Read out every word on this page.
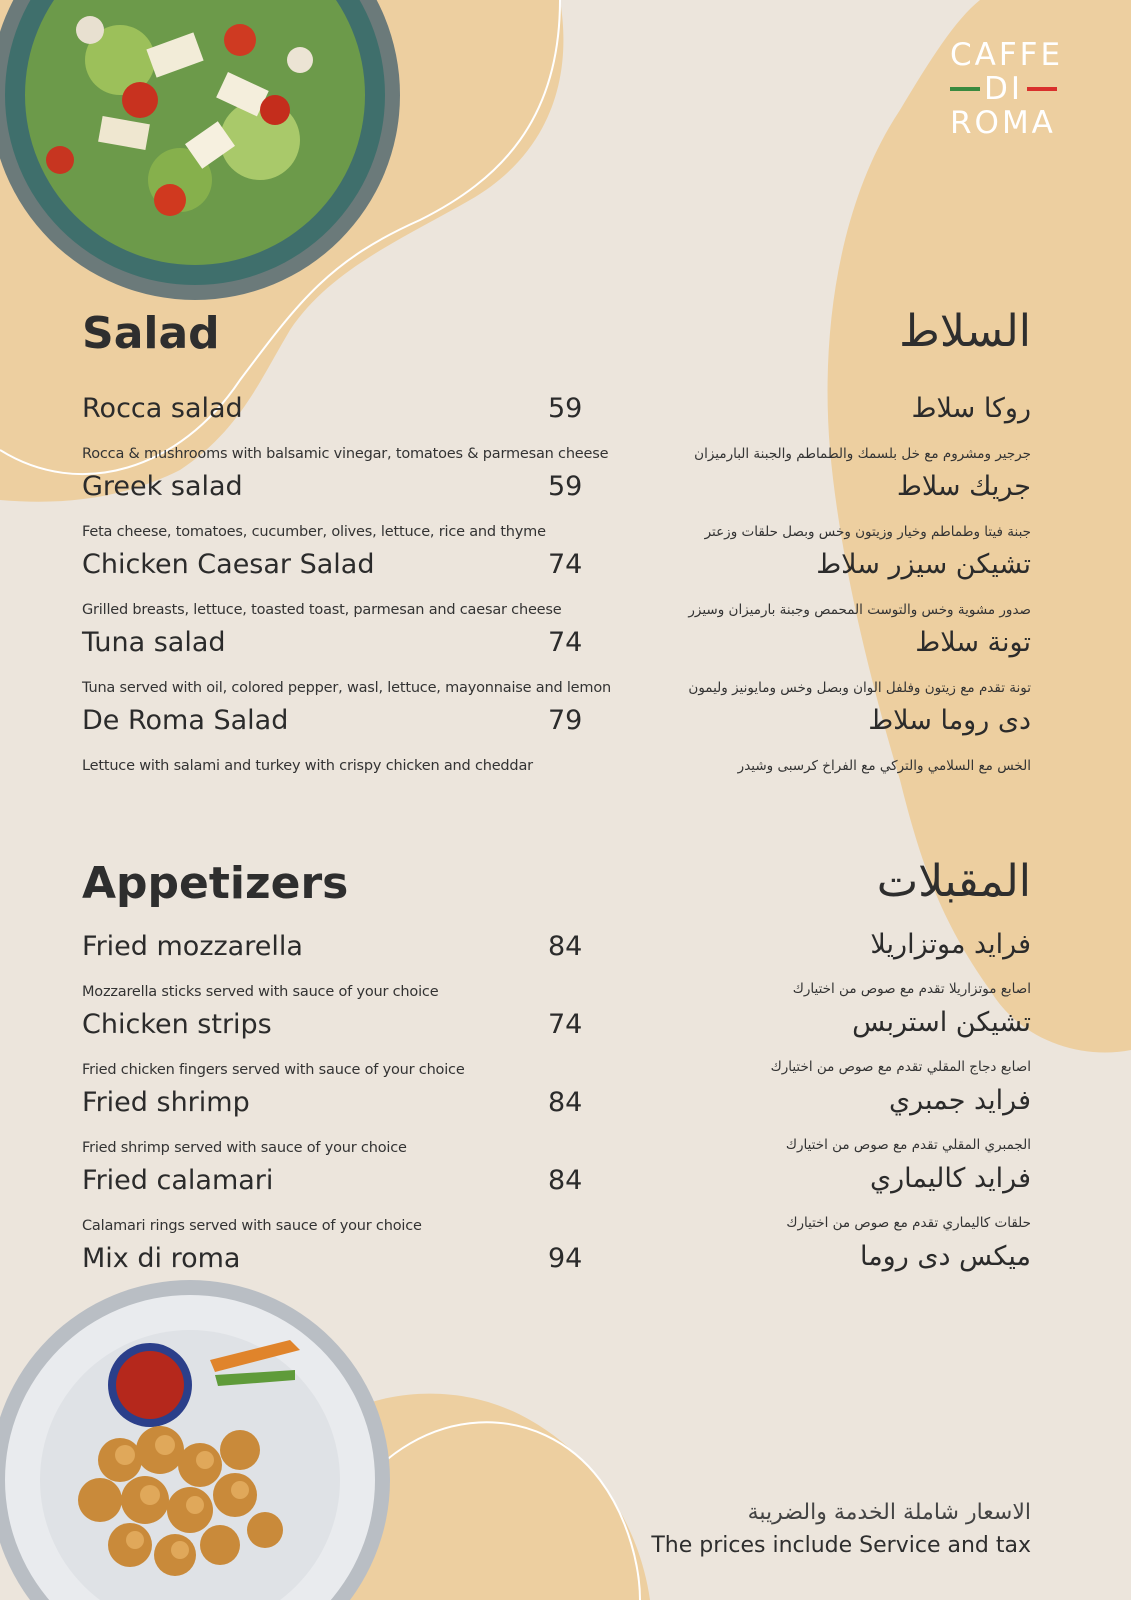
CAFFE
DI
ROMA
Salad	السلاط
Rocca salad	59
Rocca & mushrooms with balsamic vinegar, tomatoes & parmesan cheese
روكا سلاط
جرجير ومشروم مع خل بلسمك والطماطم والجبنة البارميزان
Greek salad	59
Feta cheese, tomatoes, cucumber, olives, lettuce, rice and thyme
جريك سلاط
جبنة فيتا وطماطم وخيار وزيتون وخس وبصل حلقات وزعتر
Chicken Caesar Salad	74
Grilled breasts, lettuce, toasted toast, parmesan and caesar cheese
تشيكن سيزر سلاط
صدور مشوية وخس والتوست المحمص وجبنة بارميزان وسيزر
Tuna salad	74
Tuna served with oil, colored pepper, wasl, lettuce, mayonnaise and lemon
تونة سلاط
تونة تقدم مع زيتون وفلفل الوان وبصل وخس ومايونيز وليمون
De Roma Salad	79
Lettuce with salami and turkey with crispy chicken and cheddar
دى روما سلاط
الخس مع السلامي والتركي مع الفراخ كرسبى وشيدر
Appetizers	المقبلات
Fried mozzarella	84
Mozzarella sticks served with sauce of your choice
فرايد موتزاريلا
اصابع موتزاريلا تقدم مع صوص من اختيارك
Chicken strips	74
Fried chicken fingers served with sauce of your choice
تشيكن استربس
اصابع دجاج المقلي تقدم مع صوص من اختيارك
Fried shrimp	84
Fried shrimp served with sauce of your choice
فرايد جمبري
الجمبري المقلي تقدم مع صوص من اختيارك
Fried calamari	84
Calamari rings served with sauce of your choice
فرايد كاليماري
حلقات كاليماري تقدم مع صوص من اختيارك
Mix di roma	94	ميكس دى روما
الاسعار شاملة الخدمة والضريبة
The prices include Service and tax
